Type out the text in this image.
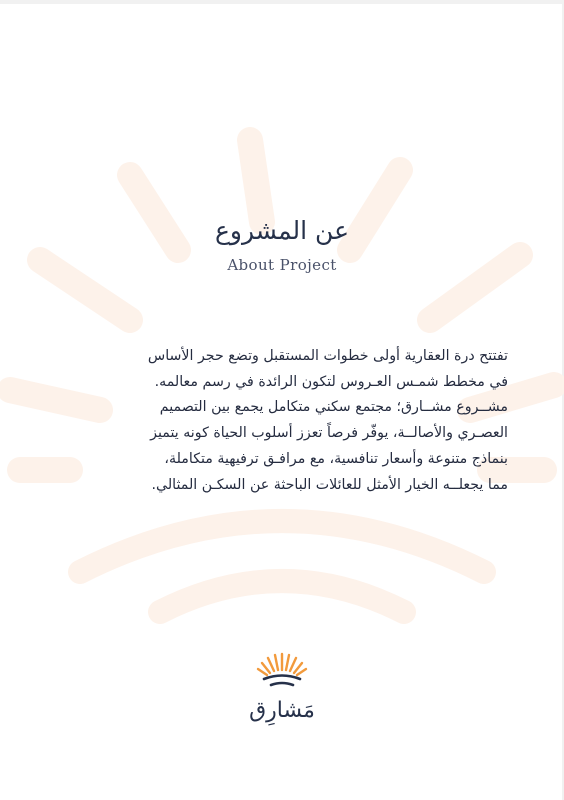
عن المشروع
About Project
تفتتح درة العقارية أولى خطوات المستقبل وتضع حجر الأساس
في مخطط شمـس العـروس لتكون الرائدة في رسم معالمه.
مشــروع مشــارق؛ مجتمع سكني متكامل يجمع بين التصميم
العصـري والأصالــة، يوفّر فرصاً تعزز أسلوب الحياة كونه يتميز
بنماذج متنوعة وأسعار تنافسية، مع مرافـق ترفيهية متكاملة،
مما يجعلــه الخيار الأمثل للعائلات الباحثة عن السكـن المثالي.
مَشارِق
